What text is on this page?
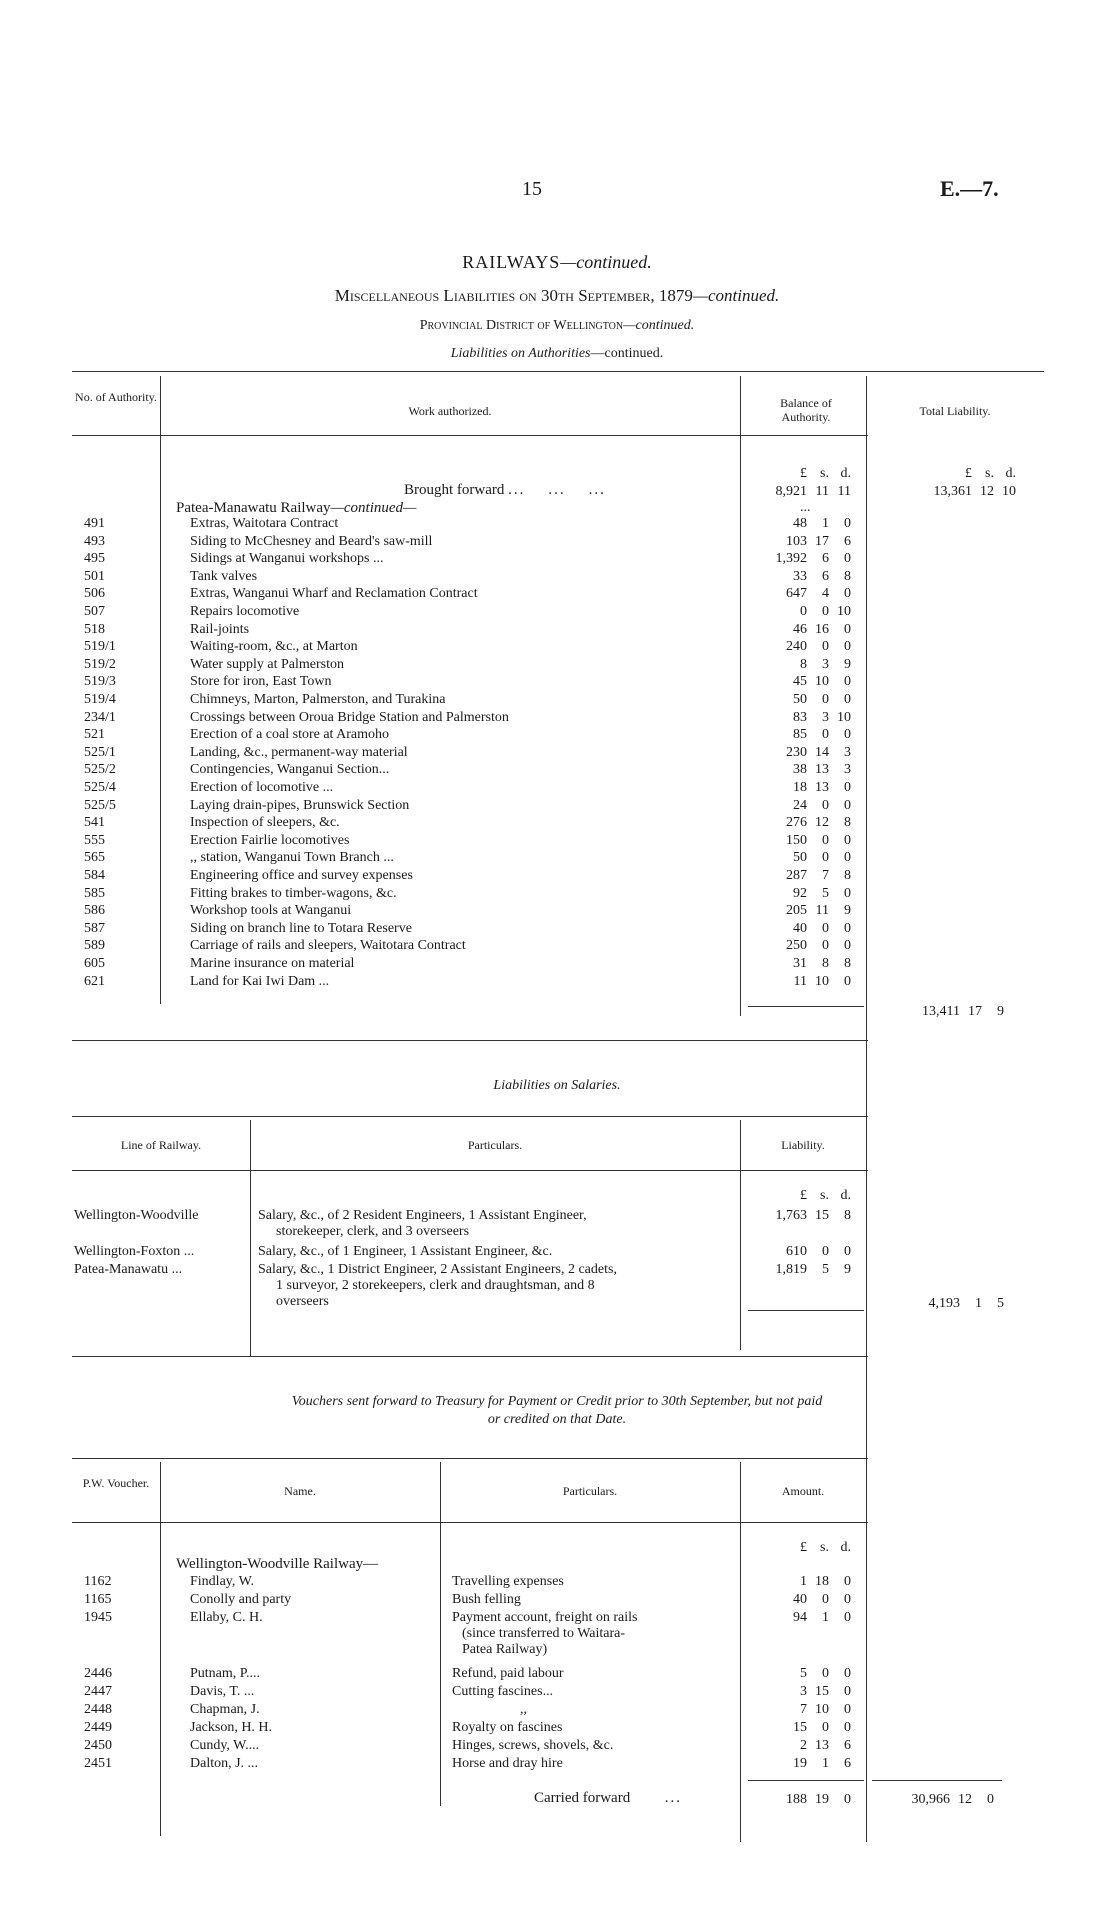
15	E.—7.
RAILWAYS—continued.
Miscellaneous Liabilities on 30th September, 1879—continued.
Provincial District of Wellington—continued.
Liabilities on Authorities—continued.
No. of Authority.
Work authorized.
Balance of Authority.	Total Liability.
£ s. d.	£ s. d.
Brought forward ...    ...    ...	8,921 11 11	13,361 12 10
Patea-Manawatu Railway—continued—	...
491	Extras, Waitotara Contract	48 1 0
493	Siding to McChesney and Beard's saw-mill	103 17 6
495	Sidings at Wanganui workshops ...	1,392 6 0
501	Tank valves	33 6 8
506	Extras, Wanganui Wharf and Reclamation Contract	647 4 0
507	Repairs locomotive	0 0 10
518	Rail-joints	46 16 0
519/1	Waiting-room, &c., at Marton	240 0 0
519/2	Water supply at Palmerston	8 3 9
519/3	Store for iron, East Town	45 10 0
519/4	Chimneys, Marton, Palmerston, and Turakina	50 0 0
234/1	Crossings between Oroua Bridge Station and Palmerston	83 3 10
521	Erection of a coal store at Aramoho	85 0 0
525/1	Landing, &c., permanent-way material	230 14 3
525/2	Contingencies, Wanganui Section...	38 13 3
525/4	Erection of locomotive ...	18 13 0
525/5	Laying drain-pipes, Brunswick Section	24 0 0
541	Inspection of sleepers, &c.	276 12 8
555	Erection Fairlie locomotives	150 0 0
565	,, station, Wanganui Town Branch ...	50 0 0
584	Engineering office and survey expenses	287 7 8
585	Fitting brakes to timber-wagons, &c.	92 5 0
586	Workshop tools at Wanganui	205 11 9
587	Siding on branch line to Totara Reserve	40 0 0
589	Carriage of rails and sleepers, Waitotara Contract	250 0 0
605	Marine insurance on material	31 8 8
621	Land for Kai Iwi Dam ...	11 10 0
13,411 17 9
Liabilities on Salaries.
Line of Railway.	Particulars.	Liability.
£ s. d.
Wellington-Woodville	Salary, &c., of 2 Resident Engineers, 1 Assistant Engineer,
storekeeper, clerk, and 3 overseers
1,763 15 8
Wellington-Foxton ...	Salary, &c., of 1 Engineer, 1 Assistant Engineer, &c.	610 0 0
Patea-Manawatu ...	Salary, &c., 1 District Engineer, 2 Assistant Engineers, 2 cadets,
1 surveyor, 2 storekeepers, clerk and draughtsman, and 8
overseers
1,819 5 9
4,193 1 5
Vouchers sent forward to Treasury for Payment or Credit prior to 30th September, but not paid
or credited on that Date.
P.W. Voucher.
Name.	Particulars.	Amount.
£ s. d.
Wellington-Woodville Railway—
1162	Findlay, W.	Travelling expenses	1 18 0
1165	Conolly and party	Bush felling	40 0 0
1945	Ellaby, C. H.	Payment account, freight on rails
(since transferred to Waitara-
Patea Railway)
94 1 0
2446	Putnam, P....	Refund, paid labour	5 0 0
2447	Davis, T. ...	Cutting fascines...	3 15 0
2448	Chapman, J.	,,	7 10 0
2449	Jackson, H. H.	Royalty on fascines	15 0 0
2450	Cundy, W....	Hinges, screws, shovels, &c.	2 13 6
2451	Dalton, J. ...	Horse and dray hire	19 1 6
Carried forward      ...	188 19 0	30,966 12 0
